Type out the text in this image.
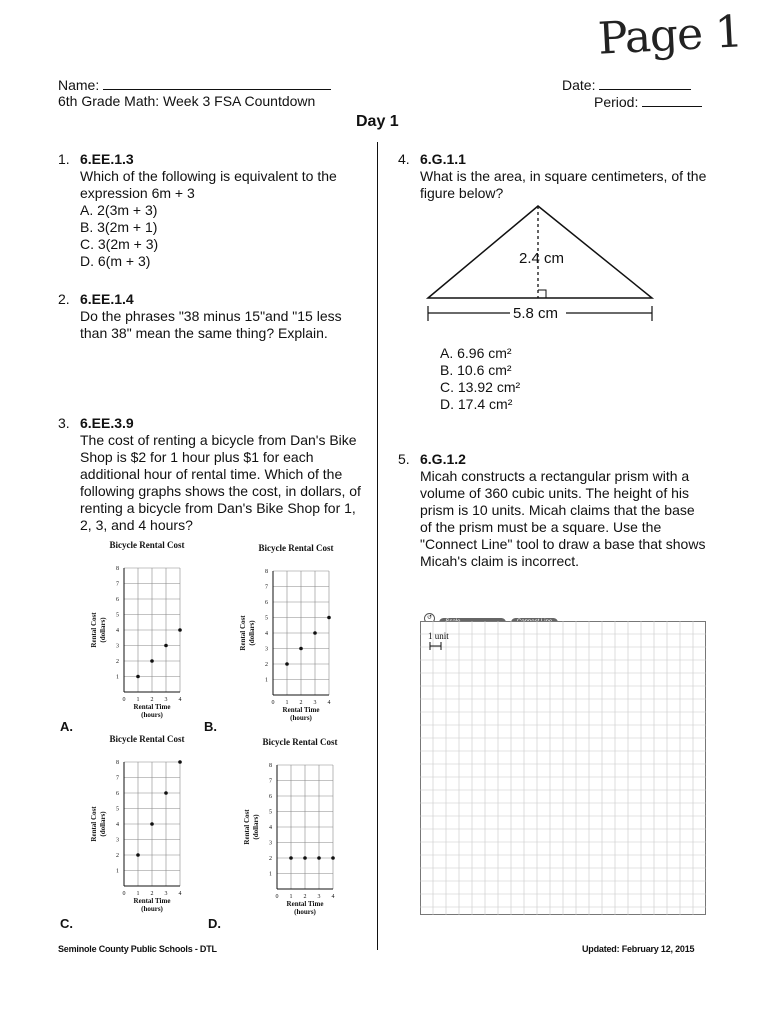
Page 1
Name:
6th Grade Math: Week 3 FSA Countdown
Date:
Period:
Day 1
1. 6.EE.1.3
Which of the following is equivalent to the expression 6m + 3
A. 2(3m + 3)
B. 3(2m + 1)
C. 3(2m + 3)
D. 6(m + 3)
2. 6.EE.1.4
Do the phrases "38 minus 15"and "15 less than 38" mean the same thing? Explain.
3. 6.EE.3.9
The cost of renting a bicycle from Dan's Bike Shop is $2 for 1 hour plus $1 for each additional hour of rental time. Which of the following graphs shows the cost, in dollars, of renting a bicycle from Dan's Bike Shop for 1, 2, 3, and 4 hours?
Bicycle Rental Cost
1
2
3
4
5
6
7
8
0 1 2 3 4
Rental Time
(hours)
Rental Cost (dollars)
A.
Bicycle Rental Cost
1
2
3
4
5
6
7
8
0 1 2 3 4
Rental Time
(hours)
Rental Cost (dollars)
B.
Bicycle Rental Cost
1
2
3
4
5
6
7
8
0 1 2 3 4
Rental Time
(hours)
Rental Cost (dollars)
C.
Bicycle Rental Cost
1
2
3
4
5
6
7
8
0 1 2 3 4
Rental Time
(hours)
Rental Cost (dollars)
D.
4. 6.G.1.1
What is the area, in square centimeters, of the figure below?
2.4 cm
5.8 cm
A. 6.96 cm²
B. 10.6 cm²
C. 13.92 cm²
D. 17.4 cm²
5. 6.G.1.2
Micah constructs a rectangular prism with a volume of 360 cubic units. The height of his prism is 10 units. Micah claims that the base of the prism must be a square. Use the "Connect Line" tool to draw a base that shows Micah's claim is incorrect.
↺
1 unit
Seminole County Public Schools - DTL	Updated: February 12, 2015
